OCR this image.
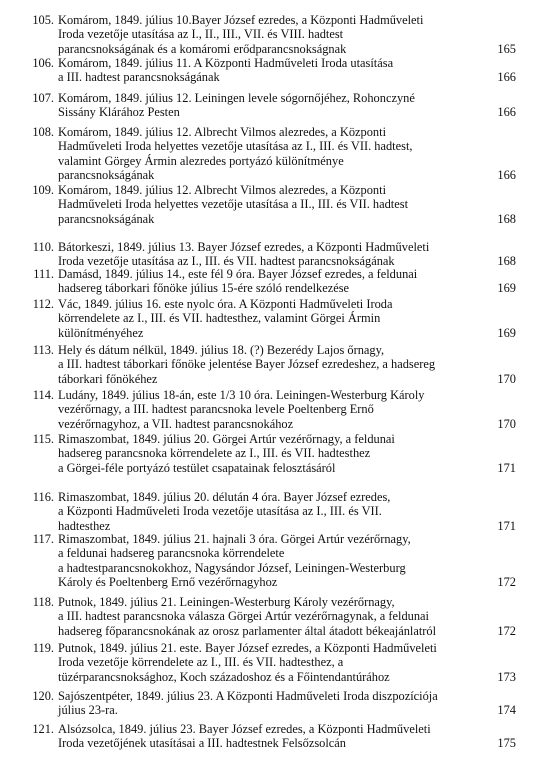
105. Komárom, 1849. július 10.Bayer József ezredes, a Központi Hadműveleti
Iroda vezetője utasítása az I., II., III., VII. és VIII. hadtest
parancsnokságának és a komáromi erődparancsnokságnak	165
106. Komárom, 1849. július 11. A Központi Hadműveleti Iroda utasítása
a III. hadtest parancsnokságának	166
107. Komárom, 1849. július 12. Leiningen levele sógornőjéhez, Rohonczyné
Sissány Klárához Pesten	166
108. Komárom, 1849. július 12. Albrecht Vilmos alezredes, a Központi
Hadműveleti Iroda helyettes vezetője utasítása az I., III. és VII. hadtest,
valamint Görgey Ármin alezredes portyázó különítménye
parancsnokságának	166
109. Komárom, 1849. július 12. Albrecht Vilmos alezredes, a Központi
Hadműveleti Iroda helyettes vezetője utasítása a II., III. és VII. hadtest
parancsnokságának	168
110. Bátorkeszi, 1849. július 13. Bayer József ezredes, a Központi Hadműveleti
Iroda vezetője utasítása az I., III. és VII. hadtest parancsnokságának	168
111. Damásd, 1849. július 14., este fél 9 óra. Bayer József ezredes, a feldunai
hadsereg táborkari főnöke július 15-ére szóló rendelkezése	169
112. Vác, 1849. július 16. este nyolc óra. A Központi Hadműveleti Iroda
körrendelete az I., III. és VII. hadtesthez, valamint Görgei Ármin
különítményéhez	169
113. Hely és dátum nélkül, 1849. július 18. (?) Bezerédy Lajos őrnagy,
a III. hadtest táborkari főnöke jelentése Bayer József ezredeshez, a hadsereg
táborkari főnökéhez	170
114. Ludány, 1849. július 18-án, este 1/3 10 óra. Leiningen-Westerburg Károly
vezérőrnagy, a III. hadtest parancsnoka levele Poeltenberg Ernő
vezérőrnagyhoz, a VII. hadtest parancsnokához	170
115. Rimaszombat, 1849. július 20. Görgei Artúr vezérőrnagy, a feldunai
hadsereg parancsnoka körrendelete az I., III. és VII. hadtesthez
a Görgei-féle portyázó testület csapatainak felosztásáról	171
116. Rimaszombat, 1849. július 20. délután 4 óra. Bayer József ezredes,
a Központi Hadműveleti Iroda vezetője utasítása az I., III. és VII.
hadtesthez	171
117. Rimaszombat, 1849. július 21. hajnali 3 óra. Görgei Artúr vezérőrnagy,
a feldunai hadsereg parancsnoka körrendelete
a hadtestparancsnokokhoz, Nagysándor József, Leiningen-Westerburg
Károly és Poeltenberg Ernő vezérőrnagyhoz	172
118. Putnok, 1849. július 21. Leiningen-Westerburg Károly vezérőrnagy,
a III. hadtest parancsnoka válasza Görgei Artúr vezérőrnagynak, a feldunai
hadsereg főparancsnokának az orosz parlamenter által átadott békeajánlatról	172
119. Putnok, 1849. július 21. este. Bayer József ezredes, a Központi Hadműveleti
Iroda vezetője körrendelete az I., III. és VII. hadtesthez, a
tüzérparancsnoksághoz, Koch századoshoz és a Főintendantúrához	173
120. Sajószentpéter, 1849. július 23. A Központi Hadműveleti Iroda diszpozíciója
július 23-ra.	174
121. Alsózsolca, 1849. július 23. Bayer József ezredes, a Központi Hadműveleti
Iroda vezetőjének utasításai a III. hadtestnek Felsőzsolcán	175
